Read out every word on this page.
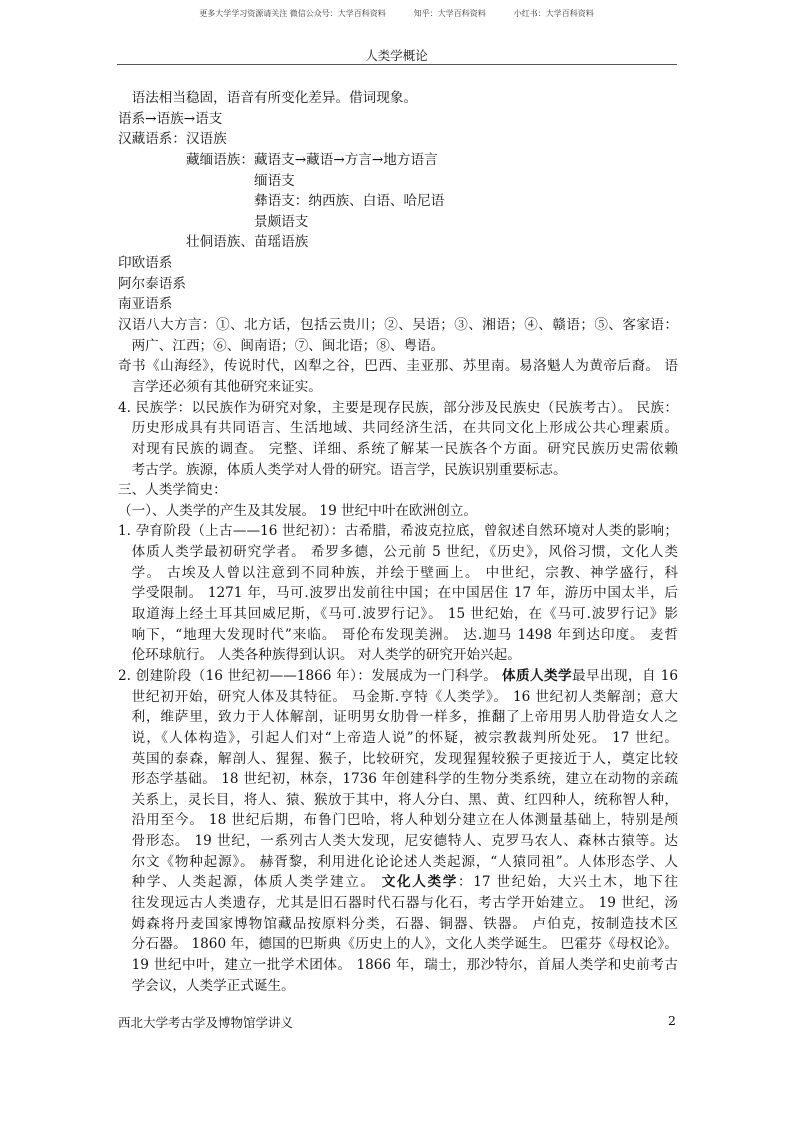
更多大学学习资源请关注 微信公众号：大学百科资料	知乎：大学百科资料	小红书：大学百科资料
人类学概论
语法相当稳固，语音有所变化差异。借词现象。
语系→语族→语支
汉藏语系：汉语族
藏缅语族：藏语支→藏语→方言→地方语言
缅语支
彝语支：纳西族、白语、哈尼语
景颇语支
壮侗语族、苗瑶语族
印欧语系
阿尔泰语系
南亚语系
汉语八大方言：①、北方话，包括云贵川；②、吴语；③、湘语；④、赣语；⑤、客家语：
两广、江西；⑥、闽南语；⑦、闽北语；⑧、粤语。
奇书《山海经》，传说时代，凶犁之谷，巴西、圭亚那、苏里南。易洛魁人为黄帝后裔。 语
言学还必须有其他研究来证实。
4. 民族学：以民族作为研究对象，主要是现存民族，部分涉及民族史（民族考古）。 民族：
历史形成具有共同语言、生活地域、共同经济生活，在共同文化上形成公共心理素质。
对现有民族的调查。 完整、详细、系统了解某一民族各个方面。研究民族历史需依赖
考古学。族源，体质人类学对人骨的研究。语言学，民族识别重要标志。
三、人类学简史：
（一）、人类学的产生及其发展。 19 世纪中叶在欧洲创立。
1. 孕育阶段（上古——16 世纪初）：古希腊，希波克拉底，曾叙述自然环境对人类的影响；
体质人类学最初研究学者。 希罗多德，公元前 5 世纪，《历史》，风俗习惯，文化人类
学。 古埃及人曾以注意到不同种族，并绘于壁画上。 中世纪，宗教、神学盛行，科
学受限制。 1271 年，马可.波罗出发前往中国；在中国居住 17 年，游历中国太半，后
取道海上经土耳其回威尼斯，《马可.波罗行记》。 15 世纪始，在《马可.波罗行记》影
响下，“地理大发现时代”来临。 哥伦布发现美洲。 达.迦马 1498 年到达印度。 麦哲
伦环球航行。 人类各种族得到认识。 对人类学的研究开始兴起。
2. 创建阶段（16 世纪初——1866 年）：发展成为一门科学。 体质人类学最早出现，自 16
世纪初开始，研究人体及其特征。 马金斯.亨特《人类学》。 16 世纪初人类解剖；意大
利，维萨里，致力于人体解剖，证明男女肋骨一样多，推翻了上帝用男人肋骨造女人之
说，《人体构造》，引起人们对“上帝造人说”的怀疑，被宗教裁判所处死。 17 世纪。
英国的泰森，解剖人、猩猩、猴子，比较研究，发现猩猩较猴子更接近于人，奠定比较
形态学基础。 18 世纪初，林奈，1736 年创建科学的生物分类系统，建立在动物的亲疏
关系上，灵长目，将人、猿、猴放于其中，将人分白、黑、黄、红四种人，统称智人种，
沿用至今。 18 世纪后期，布鲁门巴哈，将人种划分建立在人体测量基础上，特别是颅
骨形态。 19 世纪，一系列古人类大发现，尼安德特人、克罗马农人、森林古猿等。达
尔文《物种起源》。 赫胥黎，利用进化论论述人类起源，“人猿同祖”。人体形态学、人
种学、人类起源，体质人类学建立。 文化人类学：17 世纪始，大兴土木，地下往
往发现远古人类遗存，尤其是旧石器时代石器与化石，考古学开始建立。 19 世纪，汤
姆森将丹麦国家博物馆藏品按原料分类，石器、铜器、铁器。 卢伯克，按制造技术区
分石器。 1860 年，德国的巴斯典《历史上的人》，文化人类学诞生。 巴霍芬《母权论》。
19 世纪中叶，建立一批学术团体。 1866 年，瑞士，那沙特尔，首届人类学和史前考古
学会议，人类学正式诞生。
西北大学考古学及博物馆学讲义	2
